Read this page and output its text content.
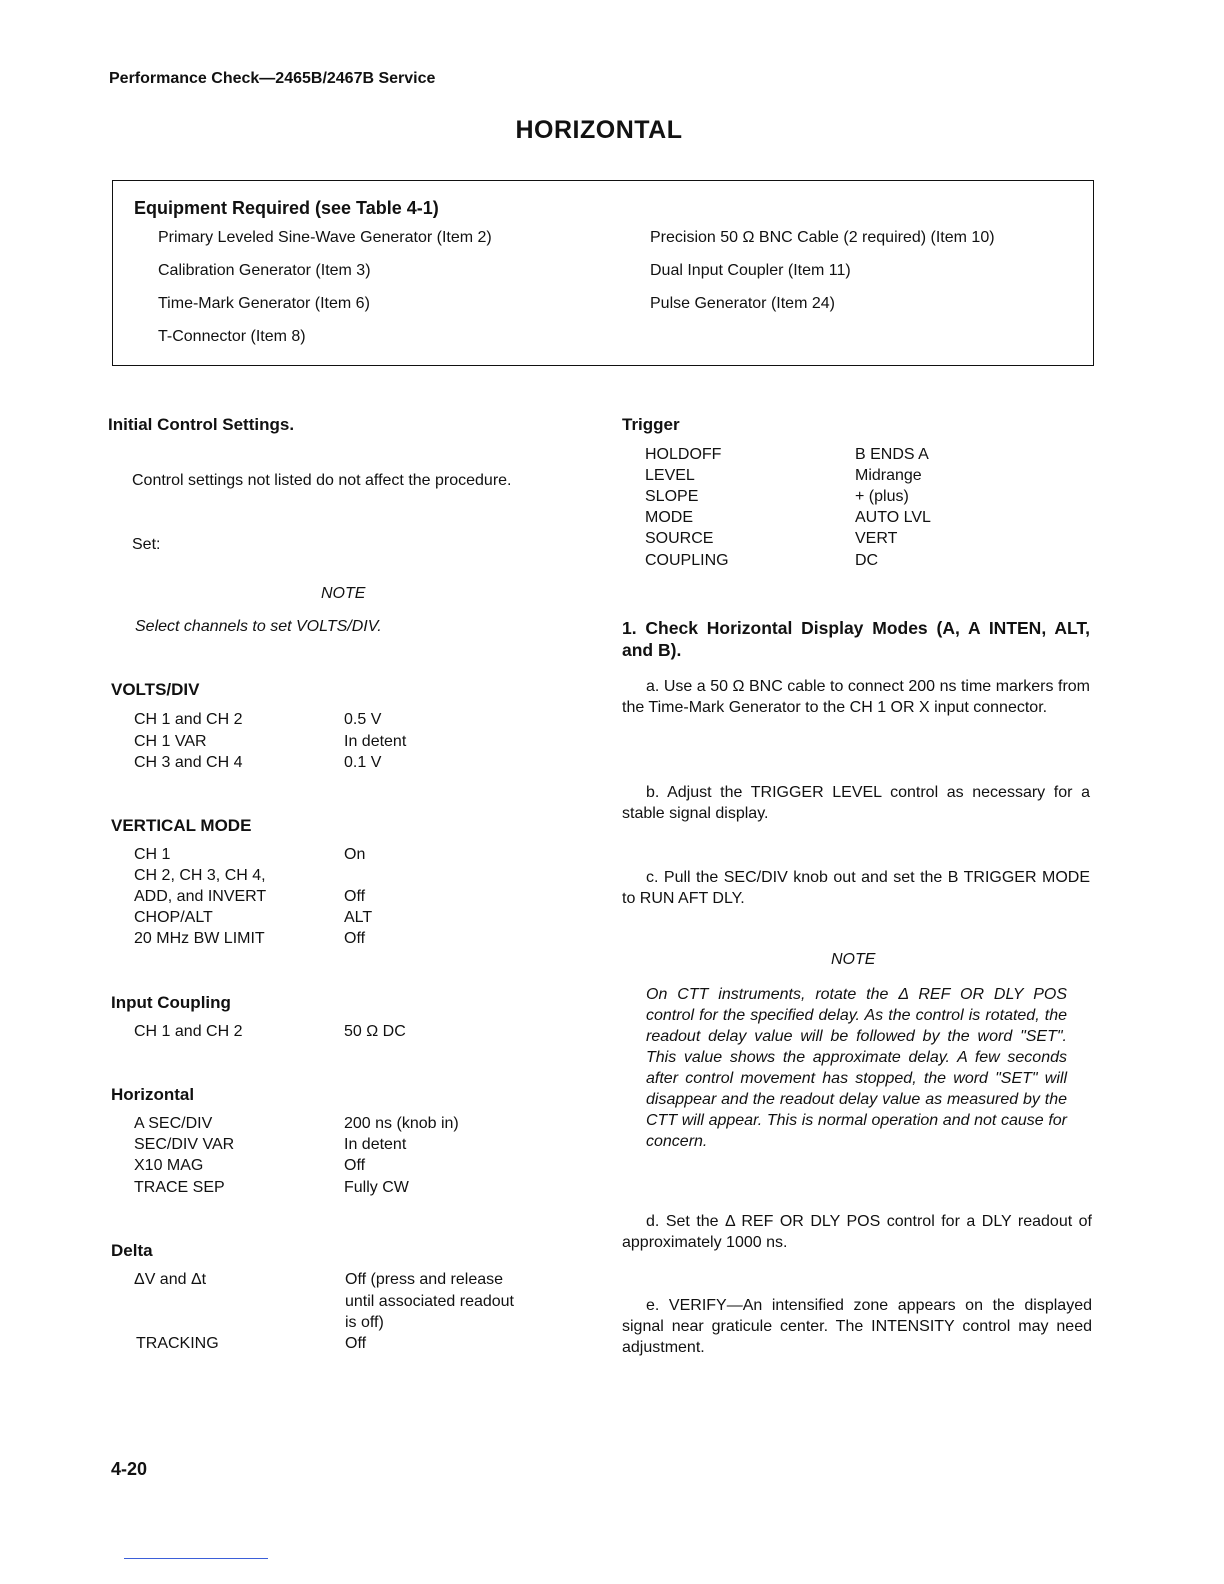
Performance Check—2465B/2467B Service
HORIZONTAL
Equipment Required (see Table 4-1)
Primary Leveled Sine-Wave Generator (Item 2)
Calibration Generator (Item 3)
Time-Mark Generator (Item 6)
T-Connector (Item 8)
Precision 50 Ω BNC Cable (2 required) (Item 10)
Dual Input Coupler (Item 11)
Pulse Generator (Item 24)
Initial Control Settings.
Control settings not listed do not affect the procedure.
Set:
NOTE
Select channels to set VOLTS/DIV.
VOLTS/DIV
CH 1 and CH 2	0.5 V
CH 1 VAR	In detent
CH 3 and CH 4	0.1 V
VERTICAL MODE
CH 1	On
CH 2, CH 3, CH 4,
ADD, and INVERT	Off
CHOP/ALT	ALT
20 MHz BW LIMIT	Off
Input Coupling
CH 1 and CH 2	50 Ω DC
Horizontal
A SEC/DIV	200 ns (knob in)
SEC/DIV VAR	In detent
X10 MAG	Off
TRACE SEP	Fully CW
Delta
ΔV and Δt	Off (press and release
until associated readout
is off)
TRACKING	Off
Trigger
HOLDOFF	B ENDS A
LEVEL	Midrange
SLOPE	+ (plus)
MODE	AUTO LVL
SOURCE	VERT
COUPLING	DC
1. Check Horizontal Display Modes (A, A INTEN, ALT, and B).
a. Use a 50 Ω BNC cable to connect 200 ns time markers from the Time-Mark Generator to the CH 1 OR X input connector.
b. Adjust the TRIGGER LEVEL control as necessary for a stable signal display.
c. Pull the SEC/DIV knob out and set the B TRIGGER MODE to RUN AFT DLY.
NOTE
On CTT instruments, rotate the Δ REF OR DLY POS control for the specified delay. As the control is rotated, the readout delay value will be followed by the word "SET". This value shows the approximate delay. A few seconds after control movement has stopped, the word "SET" will disappear and the readout delay value as measured by the CTT will appear. This is normal operation and not cause for concern.
d. Set the Δ REF OR DLY POS control for a DLY readout of approximately 1000 ns.
e. VERIFY—An intensified zone appears on the displayed signal near graticule center. The INTENSITY control may need adjustment.
4-20
